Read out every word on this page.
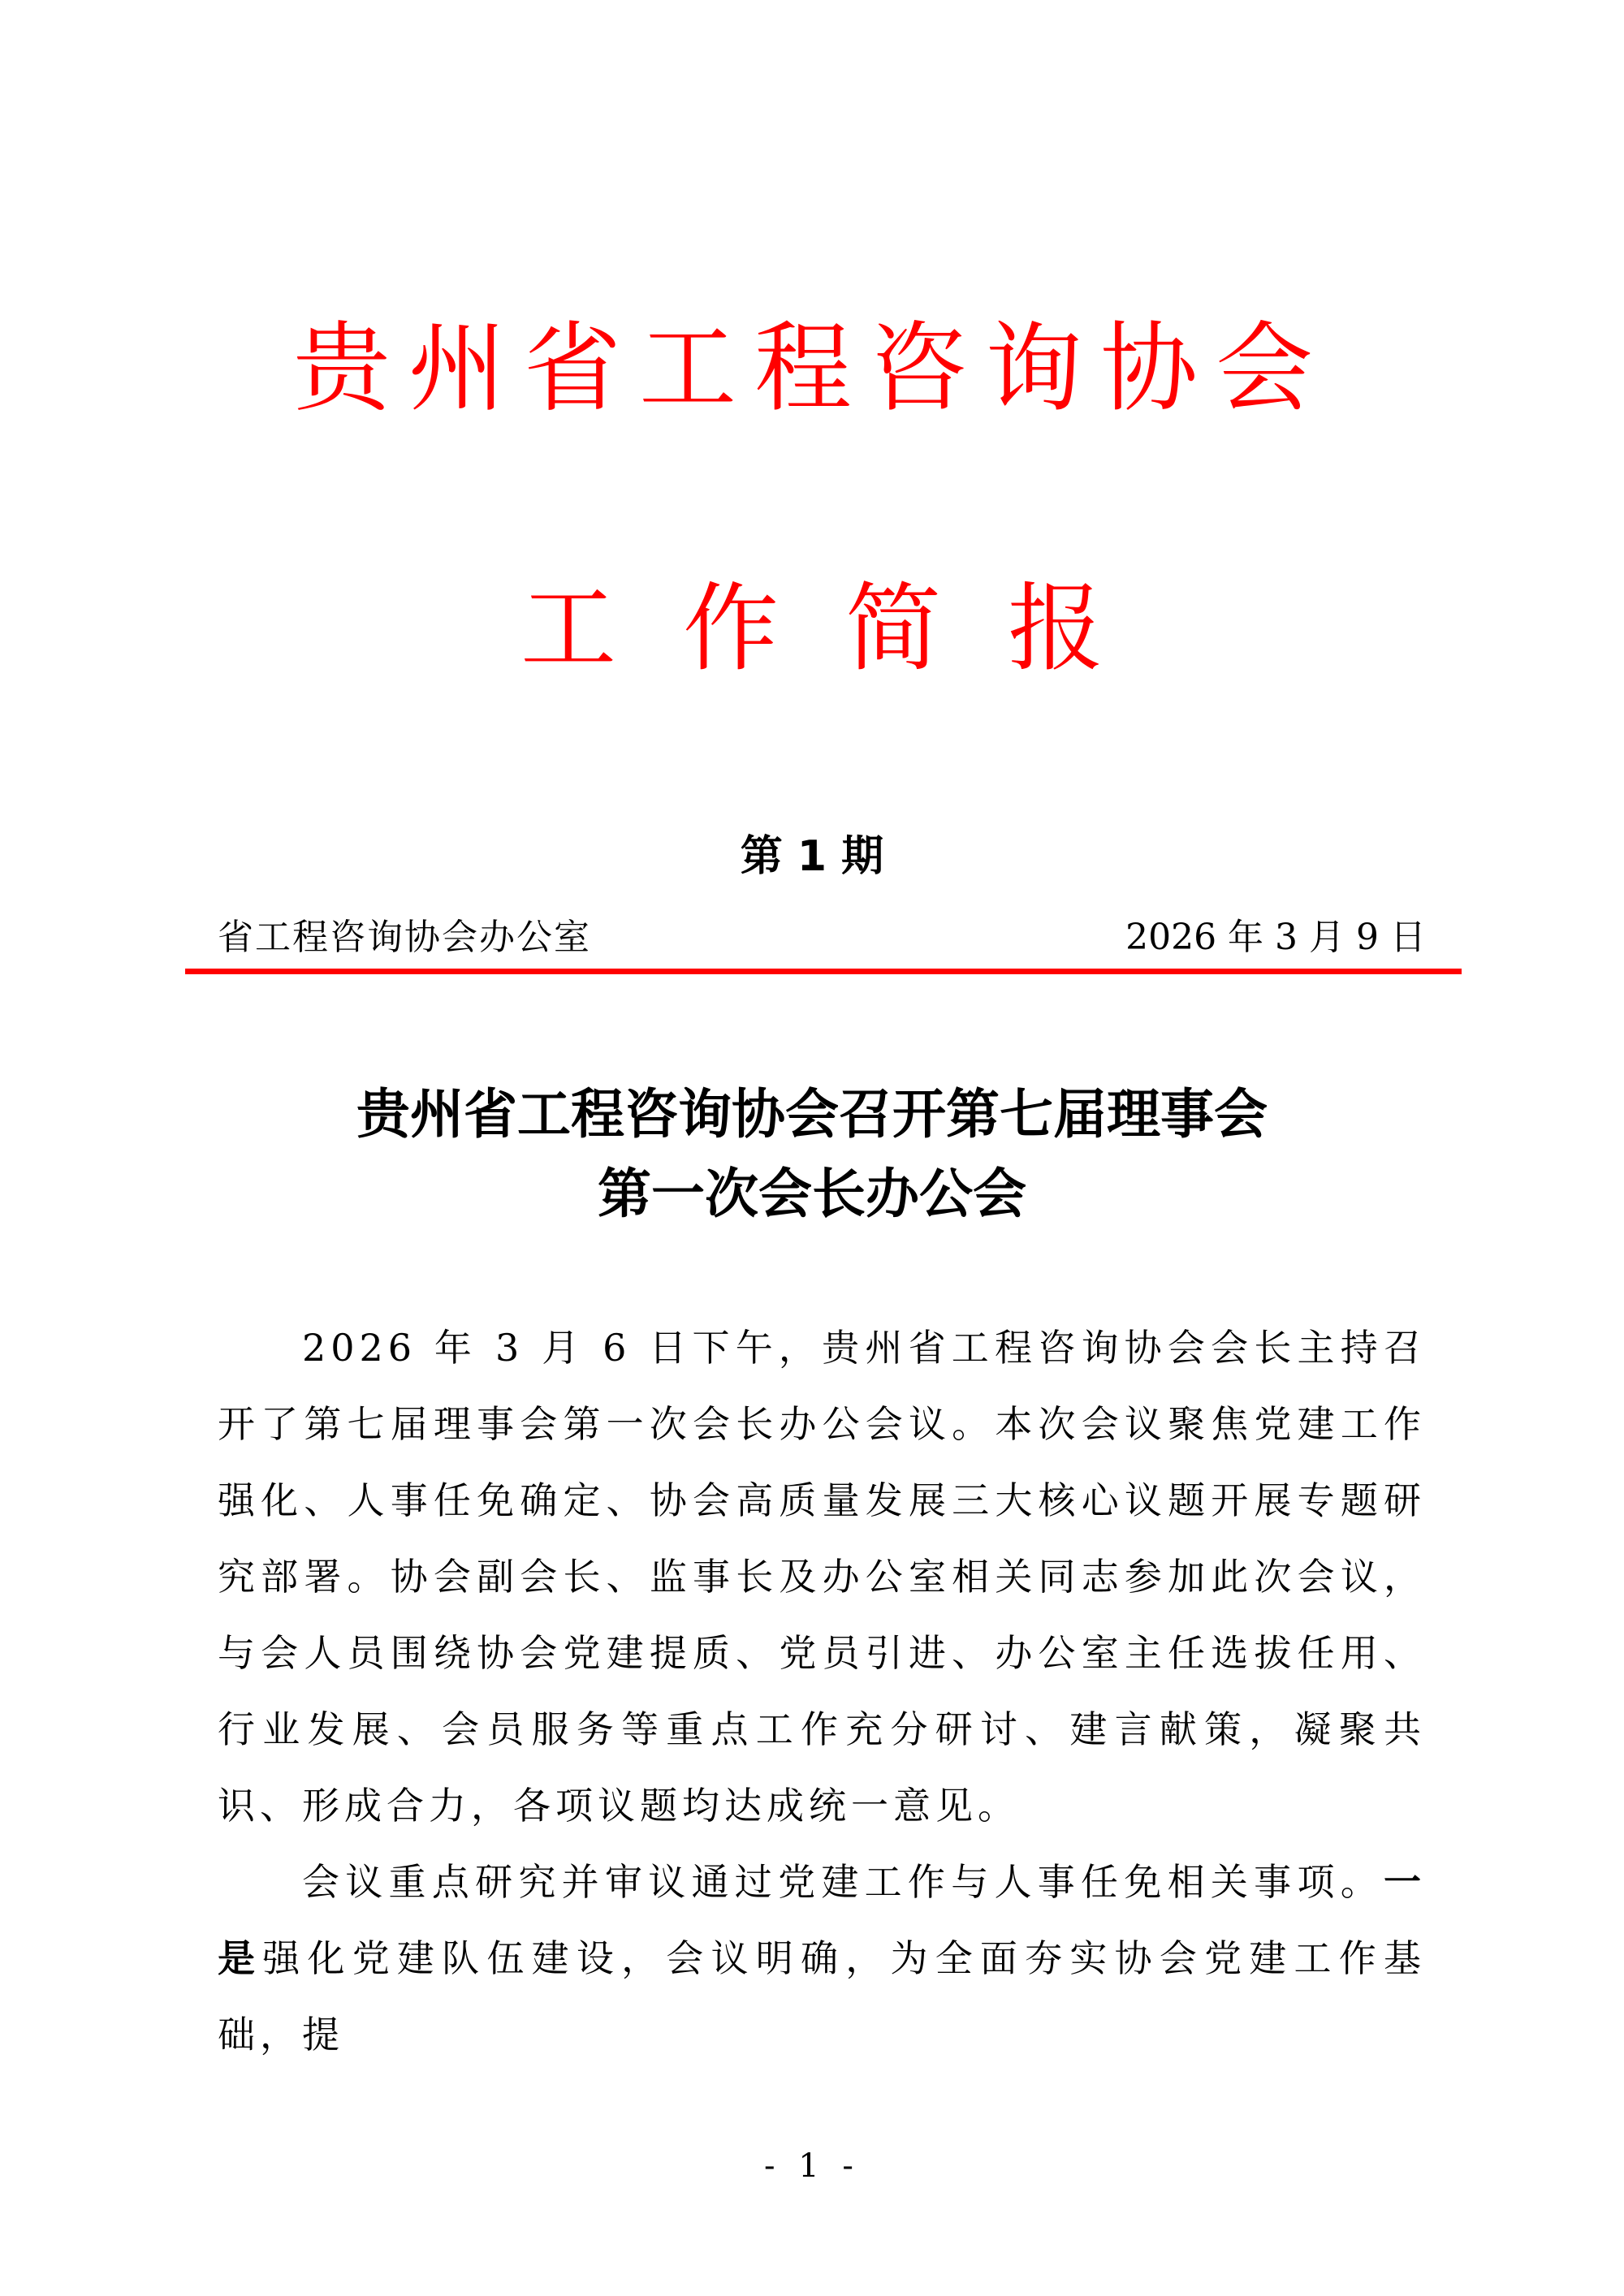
贵州省工程咨询协会
工作简报
第 1 期
省工程咨询协会办公室	2026 年 3 月 9 日
贵州省工程咨询协会召开第七届理事会
第一次会长办公会

2026 年 3 月 6 日下午，贵州省工程咨询协会会长主持召开了第七届理事会第一次会长办公会议。本次会议聚焦党建工作强化、人事任免确定、协会高质量发展三大核心议题开展专题研究部署。协会副会长、监事长及办公室相关同志参加此次会议，与会人员围绕协会党建提质、党员引进、办公室主任选拔任用、行业发展、会员服务等重点工作充分研讨、建言献策，凝聚共识、形成合力，各项议题均达成统一意见。

会议重点研究并审议通过党建工作与人事任免相关事项。一是强化党建队伍建设，会议明确，为全面夯实协会党建工作基础，提

- 1 -
